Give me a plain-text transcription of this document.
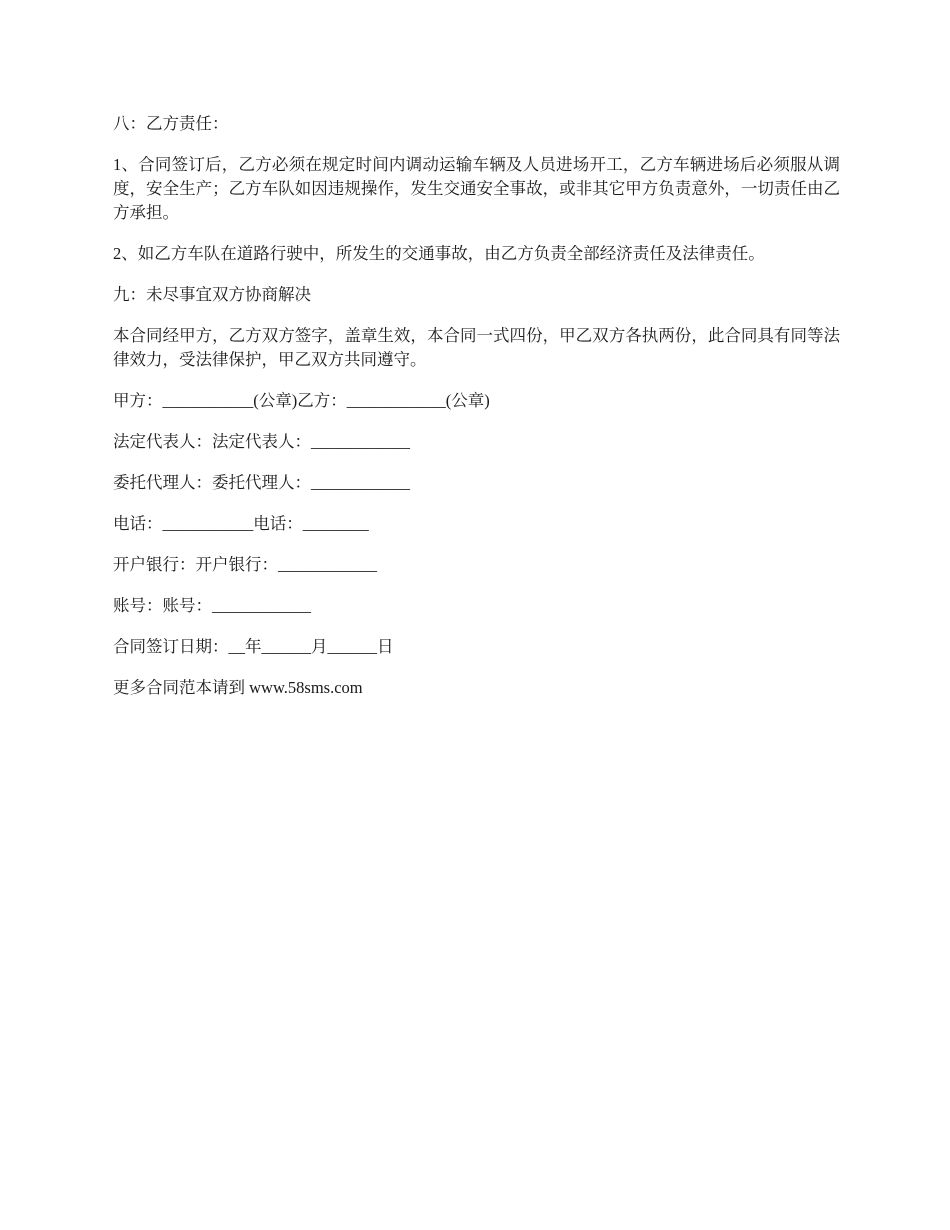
八：乙方责任：

1、合同签订后，乙方必须在规定时间内调动运输车辆及人员进场开工，乙方车辆进场后必须服从调度，安全生产；乙方车队如因违规操作，发生交通安全事故，或非其它甲方负责意外，一切责任由乙方承担。

2、如乙方车队在道路行驶中，所发生的交通事故，由乙方负责全部经济责任及法律责任。

九：未尽事宜双方协商解决

本合同经甲方，乙方双方签字，盖章生效，本合同一式四份，甲乙双方各执两份，此合同具有同等法律效力，受法律保护，甲乙双方共同遵守。

甲方：___________(公章)乙方：____________(公章)

法定代表人：法定代表人：____________

委托代理人：委托代理人：____________

电话：___________电话：________

开户银行：开户银行：____________

账号：账号：____________

合同签订日期：__年______月______日

更多合同范本请到 www.58sms.com
